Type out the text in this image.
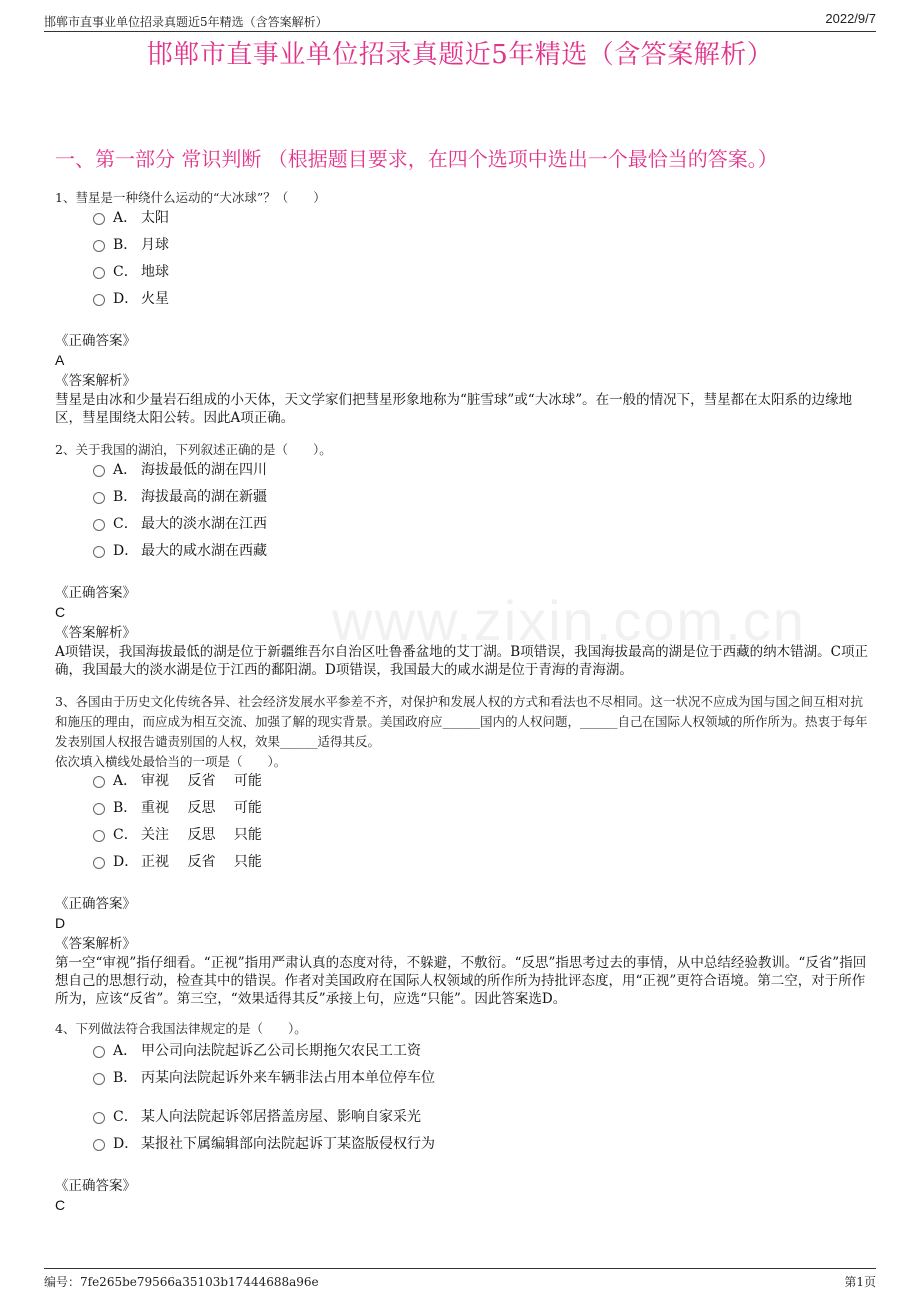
邯郸市直事业单位招录真题近5年精选（含答案解析）	2022/9/7
邯郸市直事业单位招录真题近5年精选（含答案解析）
一、第一部分 常识判断 （根据题目要求，在四个选项中选出一个最恰当的答案。）
www.zixin.com.cn
1、彗星是一种绕什么运动的“大冰球”？（　　）
A． 太阳
B． 月球
C． 地球
D． 火星
《正确答案》
A
《答案解析》
彗星是由冰和少量岩石组成的小天体，天文学家们把彗星形象地称为“脏雪球”或“大冰球”。在一般的情况下，彗星都在太阳系的边缘地区，彗星围绕太阳公转。因此A项正确。
2、关于我国的湖泊，下列叙述正确的是（　　）。
A． 海拔最低的湖在四川
B． 海拔最高的湖在新疆
C． 最大的淡水湖在江西
D． 最大的咸水湖在西藏
《正确答案》
C
《答案解析》
A项错误，我国海拔最低的湖是位于新疆维吾尔自治区吐鲁番盆地的艾丁湖。B项错误，我国海拔最高的湖是位于西藏的纳木错湖。C项正确，我国最大的淡水湖是位于江西的鄱阳湖。D项错误，我国最大的咸水湖是位于青海的青海湖。
3、各国由于历史文化传统各异、社会经济发展水平参差不齐，对保护和发展人权的方式和看法也不尽相同。这一状况不应成为国与国之间互相对抗和施压的理由，而应成为相互交流、加强了解的现实背景。美国政府应______国内的人权问题，______自己在国际人权领域的所作所为。热衷于每年发表别国人权报告谴责别国的人权，效果______适得其反。
依次填入横线处最恰当的一项是（　　）。
A． 审视　 反省　 可能
B． 重视　 反思　 可能
C． 关注　 反思　 只能
D． 正视　 反省　 只能
《正确答案》
D
《答案解析》
第一空“审视”指仔细看。“正视”指用严肃认真的态度对待，不躲避，不敷衍。“反思”指思考过去的事情，从中总结经验教训。“反省”指回想自己的思想行动，检查其中的错误。作者对美国政府在国际人权领域的所作所为持批评态度，用“正视”更符合语境。第二空，对于所作所为，应该“反省”。第三空，“效果适得其反”承接上句，应选“只能”。因此答案选D。
4、下列做法符合我国法律规定的是（　　）。
A． 甲公司向法院起诉乙公司长期拖欠农民工工资
B． 丙某向法院起诉外来车辆非法占用本单位停车位
C． 某人向法院起诉邻居搭盖房屋、影响自家采光
D． 某报社下属编辑部向法院起诉丁某盗版侵权行为
《正确答案》
C
编号：7fe265be79566a35103b17444688a96e	第1页
